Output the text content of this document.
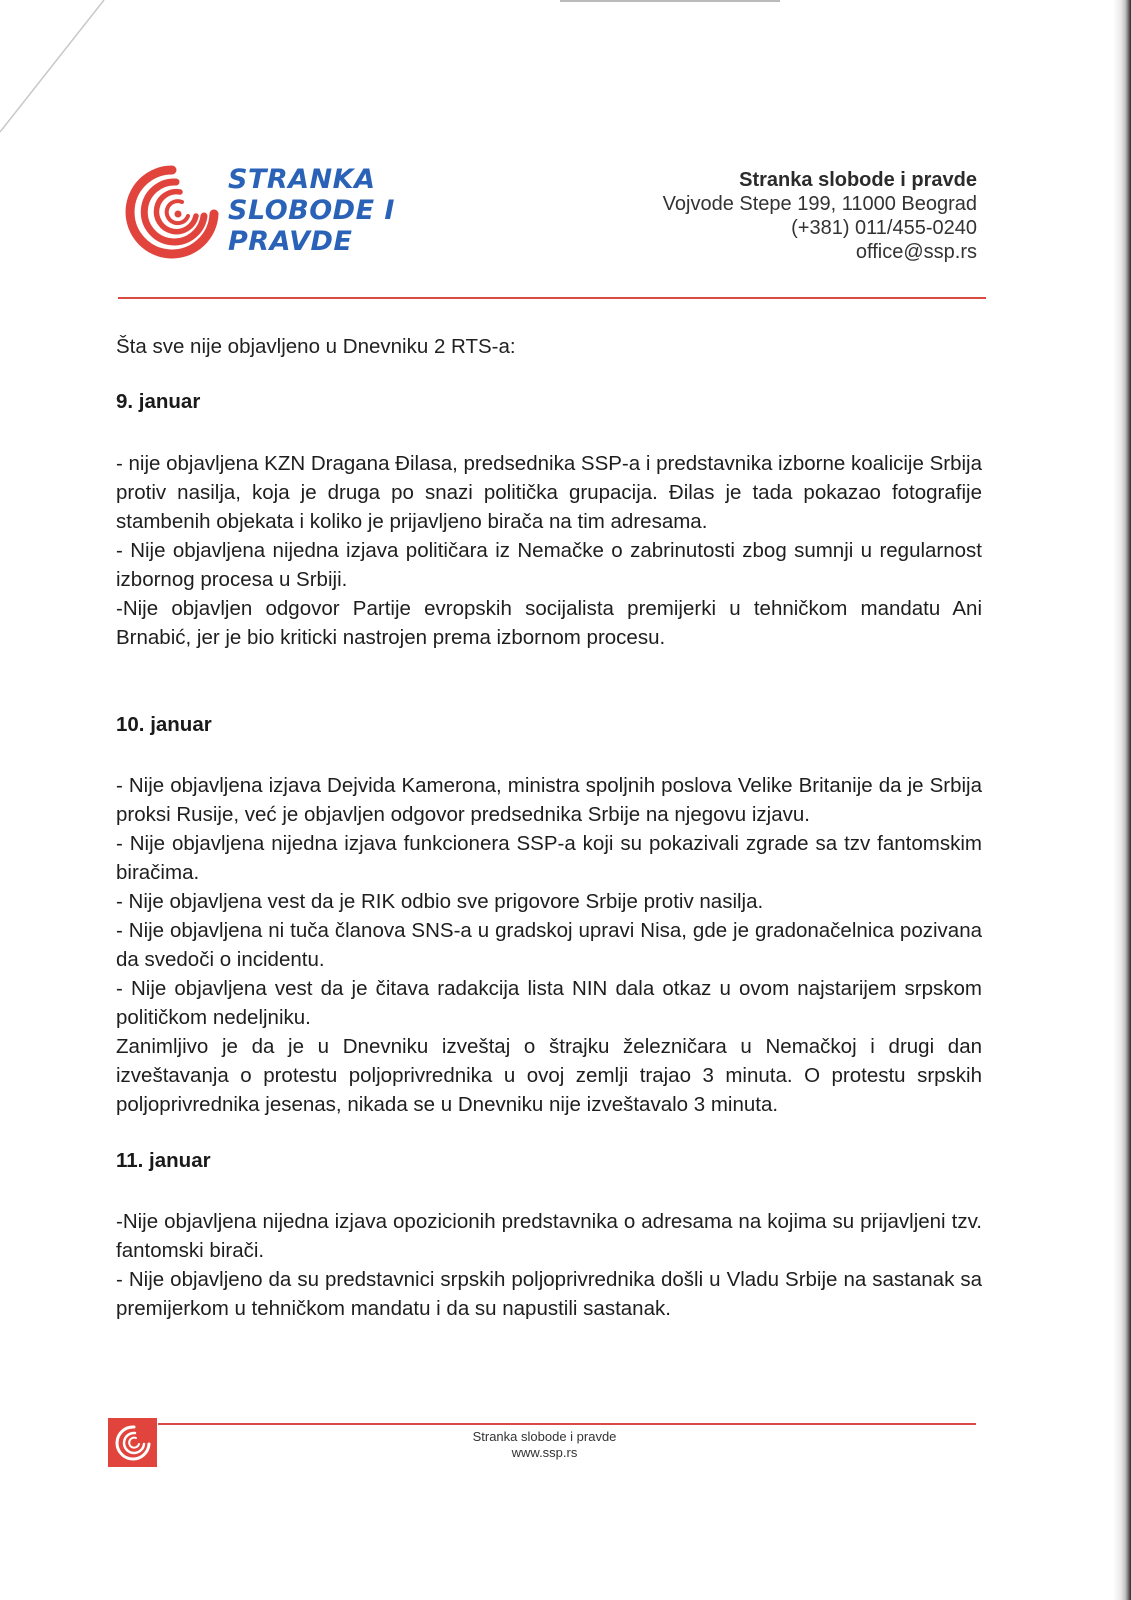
STRANKA
SLOBODE I
PRAVDE
Stranka slobode i pravde
Vojvode Stepe 199, 11000 Beograd
(+381) 011/455-0240
office@ssp.rs

Šta sve nije objavljeno u Dnevniku 2 RTS-a:

9. januar

- nije objavljena KZN Dragana Đilasa, predsednika SSP-a i predstavnika izborne koalicije Srbija protiv nasilja, koja je druga po snazi politička grupacija. Đilas je tada pokazao fotografije stambenih objekata i koliko je prijavljeno birača na tim adresama.

- Nije objavljena nijedna izjava političara iz Nemačke o zabrinutosti zbog sumnji u regularnost izbornog procesa u Srbiji.

-Nije objavljen odgovor Partije evropskih socijalista premijerki u tehničkom mandatu Ani Brnabić, jer je bio kriticki nastrojen prema izbornom procesu.

10. januar

- Nije objavljena izjava Dejvida Kamerona, ministra spoljnih poslova Velike Britanije da je Srbija proksi Rusije, već je objavljen odgovor predsednika Srbije na njegovu izjavu.

- Nije objavljena nijedna izjava funkcionera SSP-a koji su pokazivali zgrade sa tzv fantomskim biračima.

- Nije objavljena vest da je RIK odbio sve prigovore Srbije protiv nasilja.

- Nije objavljena ni tuča članova SNS-a u gradskoj upravi Nisa, gde je gradonačelnica pozivana da svedoči o incidentu.

- Nije objavljena vest da je čitava radakcija lista NIN dala otkaz u ovom najstarijem srpskom političkom nedeljniku.

Zanimljivo je da je u Dnevniku izveštaj o štrajku železničara u Nemačkoj i drugi dan izveštavanja o protestu poljoprivrednika u ovoj zemlji trajao 3 minuta. O protestu srpskih poljoprivrednika jesenas, nikada se u Dnevniku nije izveštavalo 3 minuta.

11. januar

-Nije objavljena nijedna izjava opozicionih predstavnika o adresama na kojima su prijavljeni tzv. fantomski birači.

- Nije objavljeno da su predstavnici srpskih poljoprivrednika došli u Vladu Srbije na sastanak sa premijerkom u tehničkom mandatu i da su napustili sastanak.

Stranka slobode i pravde
www.ssp.rs
